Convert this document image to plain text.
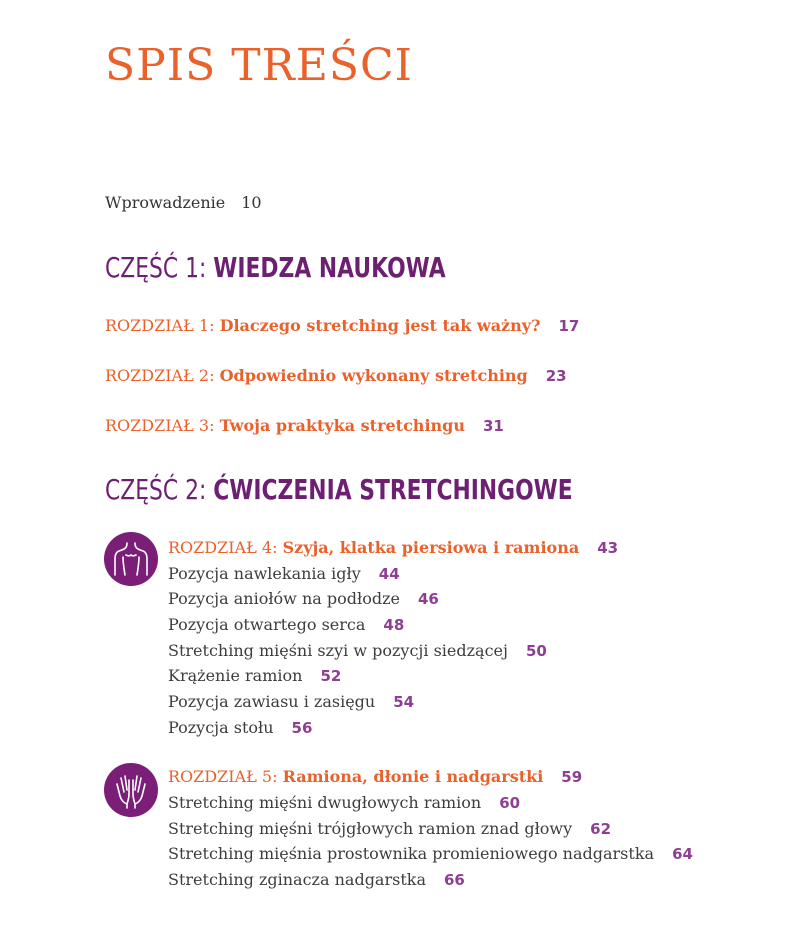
SPIS TREŚCI
Wprowadzenie 10
CZĘŚĆ 1: WIEDZA NAUKOWA
ROZDZIAŁ 1: Dlaczego stretching jest tak ważny? 17
ROZDZIAŁ 2: Odpowiednio wykonany stretching 23
ROZDZIAŁ 3: Twoja praktyka stretchingu 31
CZĘŚĆ 2: ĆWICZENIA STRETCHINGOWE
ROZDZIAŁ 4: Szyja, klatka piersiowa i ramiona 43
Pozycja nawlekania igły 44
Pozycja aniołów na podłodze 46
Pozycja otwartego serca 48
Stretching mięśni szyi w pozycji siedzącej 50
Krążenie ramion 52
Pozycja zawiasu i zasięgu 54
Pozycja stołu 56
ROZDZIAŁ 5: Ramiona, dłonie i nadgarstki 59
Stretching mięśni dwugłowych ramion 60
Stretching mięśni trójgłowych ramion znad głowy 62
Stretching mięśnia prostownika promieniowego nadgarstka 64
Stretching zginacza nadgarstka 66
